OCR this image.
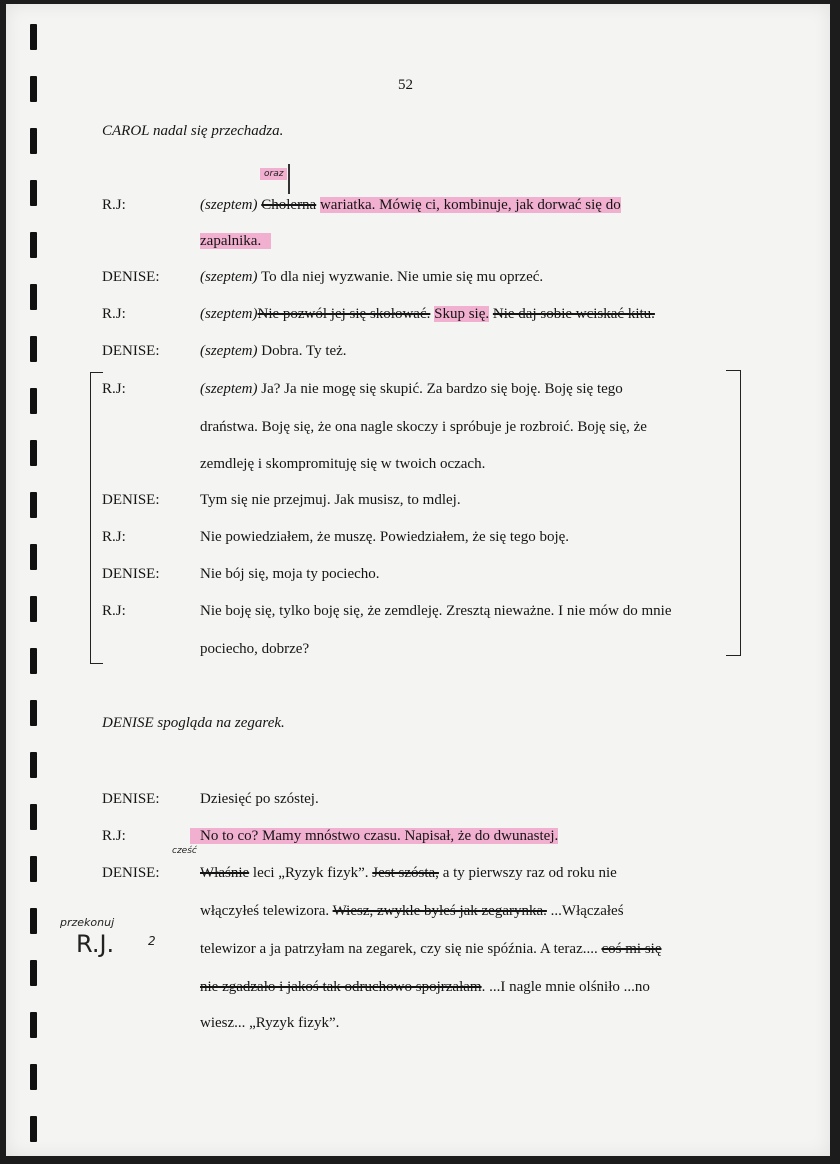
52
CAROL nadal się przechadza.
oraz
R.J:	(szeptem) Cholerna wariatka. Mówię ci, kombinuje, jak dorwać się do
zapalnika.
DENISE:	(szeptem) To dla niej wyzwanie. Nie umie się mu oprzeć.
R.J:	(szeptem)Nie pozwól jej się skołować. Skup się. Nie daj sobie wciskać kitu.
DENISE:	(szeptem) Dobra. Ty też.
R.J:	(szeptem) Ja? Ja nie mogę się skupić. Za bardzo się boję. Boję się tego
draństwa. Boję się, że ona nagle skoczy i spróbuje je rozbroić. Boję się, że
zemdleję i skompromituję się w twoich oczach.
DENISE:	Tym się nie przejmuj. Jak musisz, to mdlej.
R.J:	Nie powiedziałem, że muszę. Powiedziałem, że się tego boję.
DENISE:	Nie bój się, moja ty pociecho.
R.J:	Nie boję się, tylko boję się, że zemdleję. Zresztą nieważne. I nie mów do mnie
pociecho, dobrze?
DENISE spogląda na zegarek.
DENISE:	Dziesięć po szóstej.
R.J:	No to co? Mamy mnóstwo czasu. Napisał, że do dwunastej.
cześć
DENISE:	Właśnie leci „Ryzyk fizyk”. Jest szósta, a ty pierwszy raz od roku nie
włączyłeś telewizora. Wiesz, zwykle byłeś jak zegarynka. ...Włączałeś
telewizor a ja patrzyłam na zegarek, czy się nie spóźnia. A teraz.... coś mi się
nie zgadzało i jakoś tak odruchowo spojrzałam. ...I nagle mnie olśniło ...no
wiesz... „Ryzyk fizyk”.
przekonuj
R.J.	2
